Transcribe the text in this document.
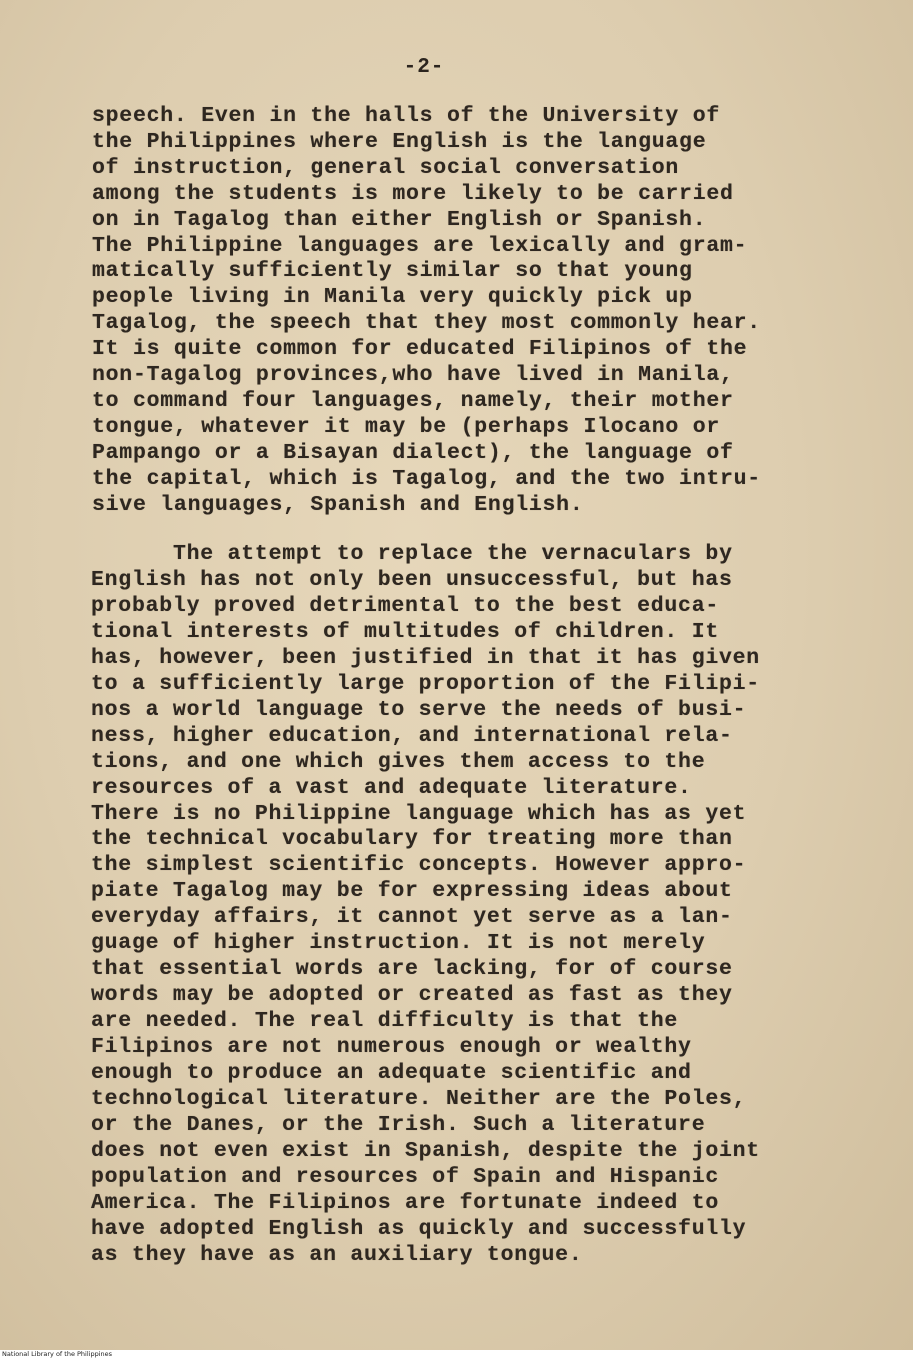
-2-
speech. Even in the halls of the University of
the Philippines where English is the language
of instruction, general social conversation
among the students is more likely to be carried
on in Tagalog than either English or Spanish.
The Philippine languages are lexically and gram-
matically sufficiently similar so that young
people living in Manila very quickly pick up
Tagalog, the speech that they most commonly hear.
It is quite common for educated Filipinos of the
non-Tagalog provinces,who have lived in Manila,
to command four languages, namely, their mother
tongue, whatever it may be (perhaps Ilocano or
Pampango or a Bisayan dialect), the language of
the capital, which is Tagalog, and the two intru-
sive languages, Spanish and English.
The attempt to replace the vernaculars by
English has not only been unsuccessful, but has
probably proved detrimental to the best educa-
tional interests of multitudes of children. It
has, however, been justified in that it has given
to a sufficiently large proportion of the Filipi-
nos a world language to serve the needs of busi-
ness, higher education, and international rela-
tions, and one which gives them access to the
resources of a vast and adequate literature.
There is no Philippine language which has as yet
the technical vocabulary for treating more than
the simplest scientific concepts. However appro-
piate Tagalog may be for expressing ideas about
everyday affairs, it cannot yet serve as a lan-
guage of higher instruction. It is not merely
that essential words are lacking, for of course
words may be adopted or created as fast as they
are needed. The real difficulty is that the
Filipinos are not numerous enough or wealthy
enough to produce an adequate scientific and
technological literature. Neither are the Poles,
or the Danes, or the Irish. Such a literature
does not even exist in Spanish, despite the joint
population and resources of Spain and Hispanic
America. The Filipinos are fortunate indeed to
have adopted English as quickly and successfully
as they have as an auxiliary tongue.
National Library of the Philippines
